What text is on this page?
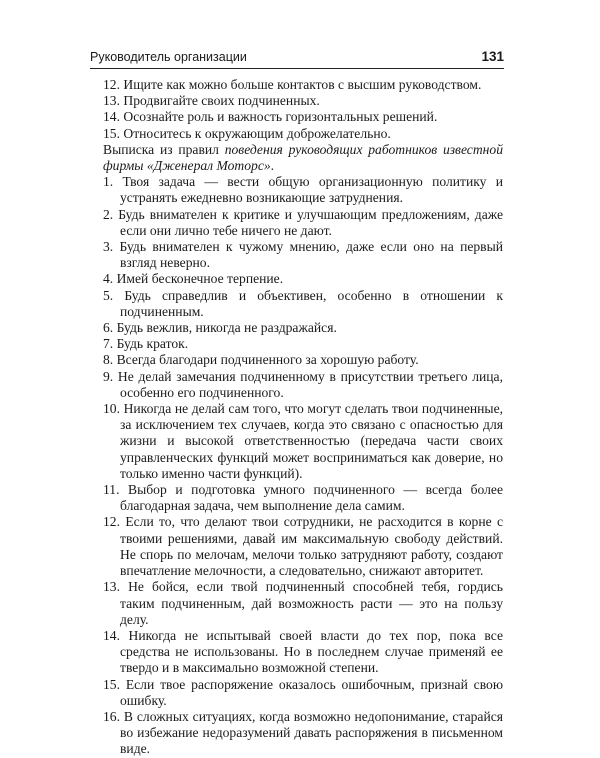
Руководитель организации	131

12. Ищите как можно больше контактов с высшим руководством.

13. Продвигайте своих подчиненных.

14. Осознайте роль и важность горизонтальных решений.

15. Относитесь к окружающим доброжелательно.

Выписка из правил поведения руководящих работников известной фирмы «Дженерал Моторс».

1. Твоя задача — вести общую организационную политику и устранять ежедневно возникающие затруднения.
2. Будь внимателен к критике и улучшающим предложениям, даже если они лично тебе ничего не дают.
3. Будь внимателен к чужому мнению, даже если оно на первый взгляд неверно.
4. Имей бесконечное терпение.
5. Будь справедлив и объективен, особенно в отношении к подчиненным.
6. Будь вежлив, никогда не раздражайся.
7. Будь краток.
8. Всегда благодари подчиненного за хорошую работу.
9. Не делай замечания подчиненному в присутствии третьего лица, особенно его подчиненного.
10. Никогда не делай сам того, что могут сделать твои подчиненные, за исключением тех случаев, когда это связано с опасностью для жизни и высокой ответственностью (передача части своих управленческих функций может восприниматься как доверие, но только именно части функций).
11. Выбор и подготовка умного подчиненного — всегда более благодарная задача, чем выполнение дела самим.
12. Если то, что делают твои сотрудники, не расходится в корне с твоими решениями, давай им максимальную свободу действий. Не спорь по мелочам, мелочи только затрудняют работу, создают впечатление мелочности, а следовательно, снижают авторитет.
13. Не бойся, если твой подчиненный способней тебя, гордись таким подчиненным, дай возможность расти — это на пользу делу.
14. Никогда не испытывай своей власти до тех пор, пока все средства не использованы. Но в последнем случае применяй ее твердо и в максимально возможной степени.
15. Если твое распоряжение оказалось ошибочным, признай свою ошибку.
16. В сложных ситуациях, когда возможно недопонимание, старайся во избежание недоразумений давать распоряжения в письменном виде.
